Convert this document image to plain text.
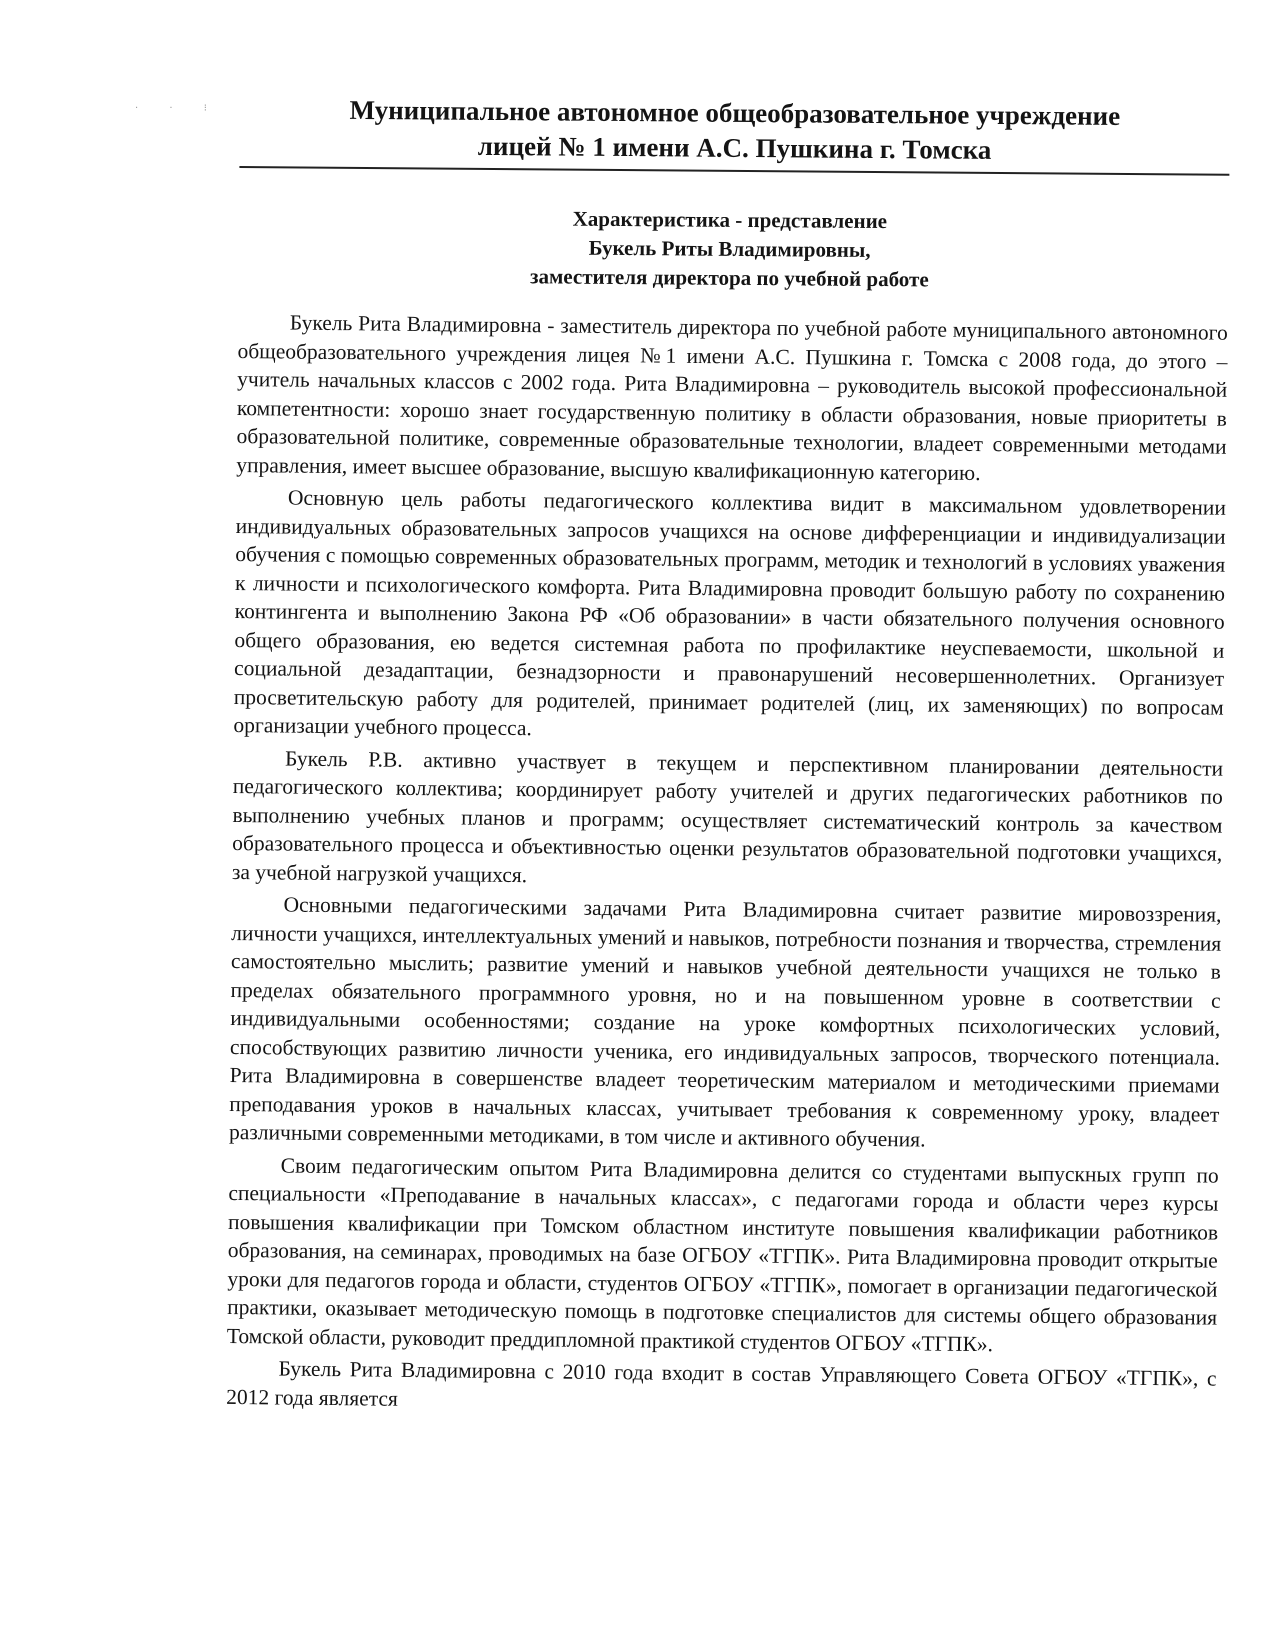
· · ⁝	Муниципальное автономное общеобразовательное учреждение

лицей № 1 имени А.С. Пушкина г. Томска

Характеристика - представление

Букель Риты Владимировны,

заместителя директора по учебной работе

Букель Рита Владимировна - заместитель директора по учебной работе муниципального автономного общеобразовательного учреждения лицея №1 имени А.С. Пушкина г. Томска с 2008 года, до этого – учитель начальных классов с 2002 года. Рита Владимировна – руководитель высокой профессиональной компетентности: хорошо знает государственную политику в области образования, новые приоритеты в образовательной политике, современные образовательные технологии, владеет современными методами управления, имеет высшее образование, высшую квалификационную категорию.

Основную цель работы педагогического коллектива видит в максимальном удовлетворении индивидуальных образовательных запросов учащихся на основе дифференциации и индивидуализации обучения с помощью современных образовательных программ, методик и технологий в условиях уважения к личности и психологического комфорта. Рита Владимировна проводит большую работу по сохранению контингента и выполнению Закона РФ «Об образовании» в части обязательного получения основного общего образования, ею ведется системная работа по профилактике неуспеваемости, школьной и социальной дезадаптации, безнадзорности и правонарушений несовершеннолетних. Организует просветительскую работу для родителей, принимает родителей (лиц, их заменяющих) по вопросам организации учебного процесса.

Букель Р.В. активно участвует в текущем и перспективном планировании деятельности педагогического коллектива; координирует работу учителей и других педагогических работников по выполнению учебных планов и программ; осуществляет систематический контроль за качеством образовательного процесса и объективностью оценки результатов образовательной подготовки учащихся, за учебной нагрузкой учащихся.

Основными педагогическими задачами Рита Владимировна считает развитие мировоззрения, личности учащихся, интеллектуальных умений и навыков, потребности познания и творчества, стремления самостоятельно мыслить; развитие умений и навыков учебной деятельности учащихся не только в пределах обязательного программного уровня, но и на повышенном уровне в соответствии с индивидуальными особенностями; создание на уроке комфортных психологических условий, способствующих развитию личности ученика, его индивидуальных запросов, творческого потенциала. Рита Владимировна в совершенстве владеет теоретическим материалом и методическими приемами преподавания уроков в начальных классах, учитывает требования к современному уроку, владеет различными современными методиками, в том числе и активного обучения.

Своим педагогическим опытом Рита Владимировна делится со студентами выпускных групп по специальности «Преподавание в начальных классах», с педагогами города и области через курсы повышения квалификации при Томском областном институте повышения квалификации работников образования, на семинарах, проводимых на базе ОГБОУ «ТГПК». Рита Владимировна проводит открытые уроки для педагогов города и области, студентов ОГБОУ «ТГПК», помогает в организации педагогической практики, оказывает методическую помощь в подготовке специалистов для системы общего образования Томской области, руководит преддипломной практикой студентов ОГБОУ «ТГПК».

Букель Рита Владимировна с 2010 года входит в состав Управляющего Совета ОГБОУ «ТГПК», с 2012 года является
